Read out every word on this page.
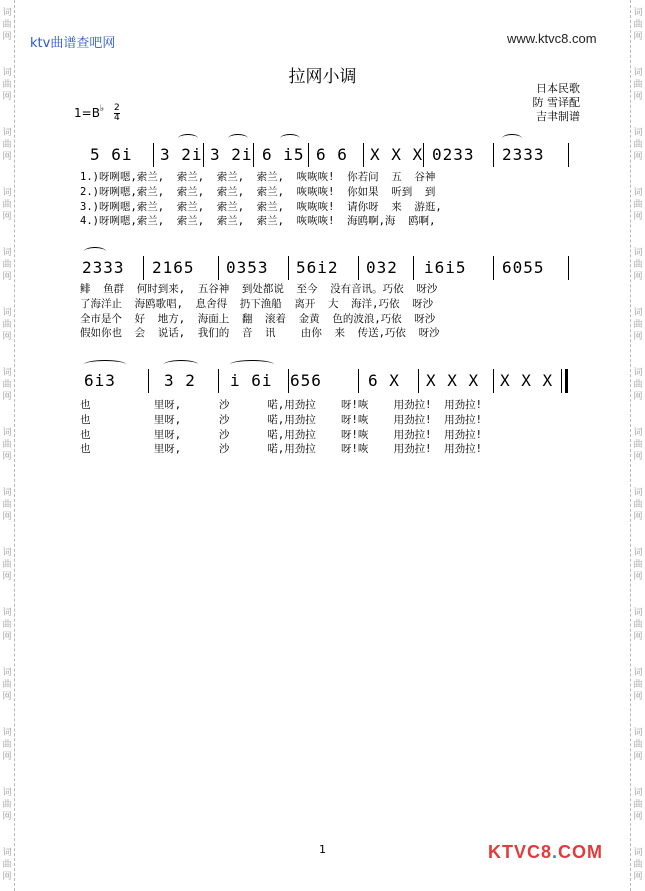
词
曲
网
词
曲
网
词
曲
网
词
曲
网
词
曲
网
词
曲
网
词
曲
网
词
曲
网
词
曲
网
词
曲
网
词
曲
网
词
曲
网
词
曲
网
词
曲
网
词
曲
网
词
曲
网
词
曲
网
词
曲
网
词
曲
网
词
曲
网
词
曲
网
词
曲
网
词
曲
网
词
曲
网
词
曲
网
词
曲
网
词
曲
网
词
曲
网
词
曲
网
词
曲
网
ktv曲谱查吧网	www.ktvc8.com
拉网小调
日本民歌
防 雪译配
吉聿制谱
$1=B^♭ \frac{2}{4}$
5 6i 3 2i 3 2i 6 i5 6 6 X X X 0233 2333
1.)呀咧嗯,索兰,  索兰,  索兰,  索兰,  咴咴咴!  你若问  五  谷神
2.)呀咧嗯,索兰,  索兰,  索兰,  索兰,  咴咴咴!  你如果  听到  到
3.)呀咧嗯,索兰,  索兰,  索兰,  索兰,  咴咴咴!  请你呀  来  游逛,
4.)呀咧嗯,索兰,  索兰,  索兰,  索兰,  咴咴咴!  海鸥啊,海  鸥啊,
2333 2165 0353 56i2 032 i6i5 6055
鲱  鱼群  何时到来,  五谷神  到处都说  至今  没有音讯。巧依  呀沙
了海洋止  海鸥歌唱,  息舍得  扔下渔船  离开  大  海洋,巧依  呀沙
全市是个  好  地方,  海面上  翻  滚着  金黄  色的波浪,巧依  呀沙
假如你也  会  说话,  我们的  音  讯    由你  来  传送,巧依  呀沙
6i3	3 2 i 6i 656	6 X X X X X X X
也          里呀,      沙      喏,用劲拉    呀!咴    用劲拉!  用劲拉!
也          里呀,      沙      喏,用劲拉    呀!咴    用劲拉!  用劲拉!
也          里呀,      沙      喏,用劲拉    呀!咴    用劲拉!  用劲拉!
也          里呀,      沙      喏,用劲拉    呀!咴    用劲拉!  用劲拉!
1	KTVC8.COM
